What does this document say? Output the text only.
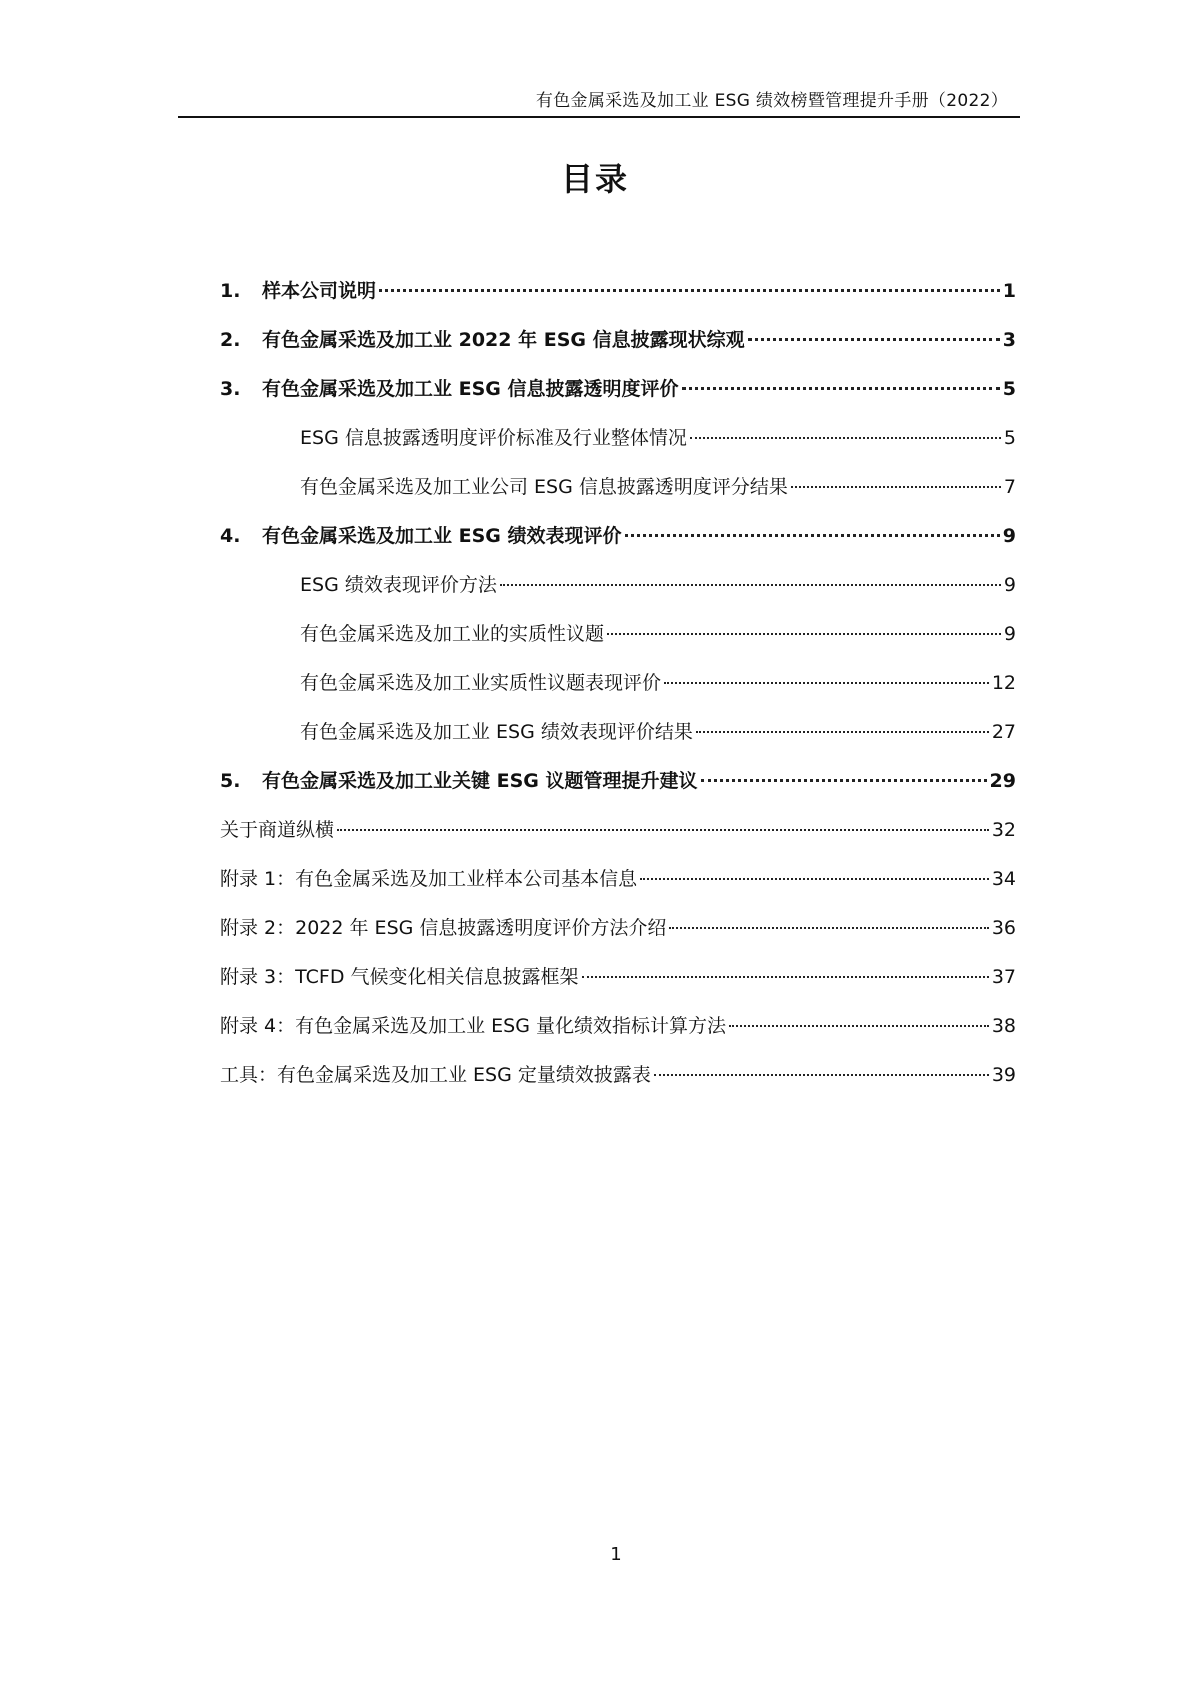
有色金属采选及加工业 ESG 绩效榜暨管理提升手册（2022）
目录
1.	样本公司说明	1
2.	有色金属采选及加工业 2022 年 ESG 信息披露现状综观	3
3.	有色金属采选及加工业 ESG 信息披露透明度评价	5
ESG 信息披露透明度评价标准及行业整体情况	5
有色金属采选及加工业公司 ESG 信息披露透明度评分结果	7
4.	有色金属采选及加工业 ESG 绩效表现评价	9
ESG 绩效表现评价方法	9
有色金属采选及加工业的实质性议题	9
有色金属采选及加工业实质性议题表现评价	12
有色金属采选及加工业 ESG 绩效表现评价结果	27
5.	有色金属采选及加工业关键 ESG 议题管理提升建议	29
关于商道纵横	32
附录 1：有色金属采选及加工业样本公司基本信息	34
附录 2：2022 年 ESG 信息披露透明度评价方法介绍	36
附录 3：TCFD 气候变化相关信息披露框架	37
附录 4：有色金属采选及加工业 ESG 量化绩效指标计算方法	38
工具：有色金属采选及加工业 ESG 定量绩效披露表	39
1
